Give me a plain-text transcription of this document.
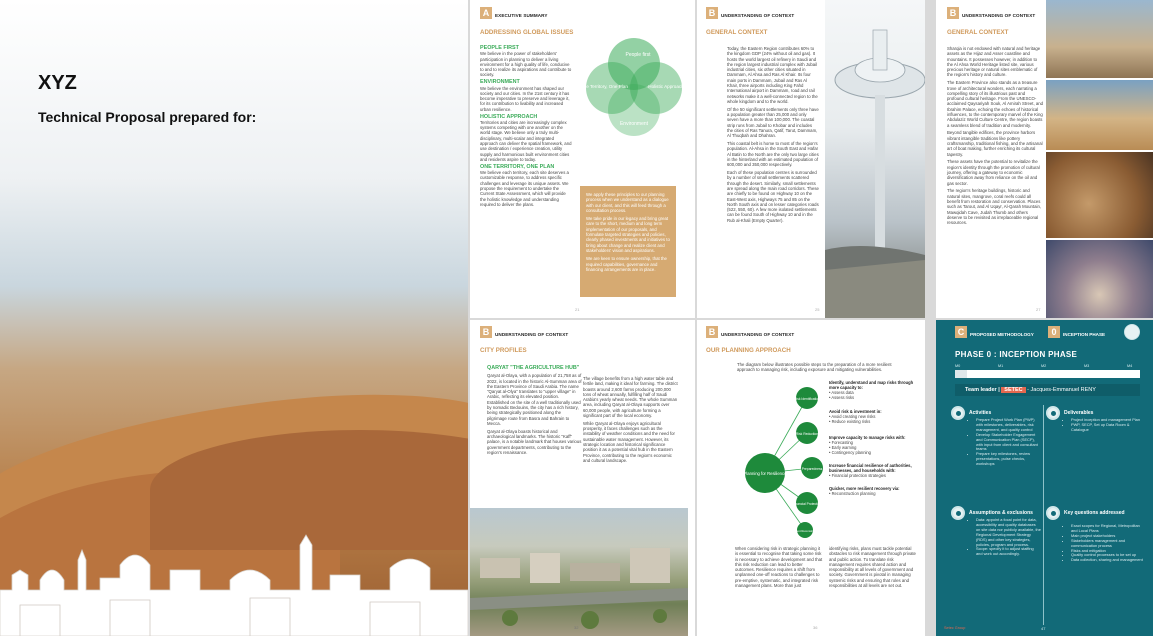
XYZ
Technical Proposal prepared for:
A	EXECUTIVE SUMMARY
ADDRESSING GLOBAL ISSUES
PEOPLE FIRST

We believe in the power of stakeholders' participation in planning to deliver a living environment for a high quality of life, conducive to and to realize its aspirations and contribute to society.

ENVIRONMENT

We believe the environment has shaped our society and our cities. In the 21st century it has become imperative to preserve and leverage it, for its contribution to livability and increased urban resilience.

HOLISTIC APPROACH

Territories and cities are increasingly complex systems competing with one another on the world stage. We believe only a truly multi-disciplinary, multi-scalar and integrated approach can deliver the spatial framework, and use destination / experience creation, utility supply and harmonious built environment cities and residents aspire to today.

ONE TERRITORY, ONE PLAN

We believe each territory, each site deserves a customizable response, to address specific challenges and leverage its unique assets. We propose the requirement to undertake the Current State Assessment, which will provide the holistic knowledge and understanding required to deliver the plans.

People first
One Territory, One Plan	Holistic Approach
Environment

We apply these principles to our planning process when we understand as a dialogue with our client, and this will feed through a consultation process.

We take pride in our legacy and bring great care to the short, medium and long term implementation of our proposals, and formulate targeted strategies and policies, clearly phased investments and initiatives to bring about change and realize client and stakeholders' vision and aspirations.

We are keen to ensure ownership, that the required capabilities, governance and financing arrangements are in place.

21
B	UNDERSTANDING OF CONTEXT
GENERAL CONTEXT

Today, the Eastern Region contributes 60% to the kingdom GDP (24% without oil and gas). It hosts the world largest oil refinery in Saudi and the region largest industrial complex with Jubail industrial cities, six other cities situated in Dammam, Al Ahsa and Ras Al Khair. Its four main ports in Dammam, Jubail and Ras Al Khair, three airports including King Fahd International airport in Dammam, road and rail networks make it a well-connected region to the whole kingdom and to the world.

Of the 50 significant settlements only three have a population greater than 25,000 and only seven have a more than 100,000. The coastal strip runs from Jubail to Khobar and includes the cities of Ras Tanura, Qatif, Tarut, Dammam, Al Thuqbah and Dhahran.

This coastal belt is home to most of the region's population. Al-Ahsa in the South East and Hafar Al Batin to the North are the only two large cities in the hinterland with an estimated population of 600,000 and 350,000 respectively.

Each of these population centres is surrounded by a number of small settlements scattered through the desert. Similarly, small settlements are spread along the main road corridors. These are chiefly to be found on Highway 10 on the East-West axis, Highways 75 and 85 on the North South axis and on lesser categories roads (522, 550, 60). A few more isolated settlements can be found South of Highway 10 and in the Rub al-Khali (Empty Quarter).

25
B	UNDERSTANDING OF CONTEXT
GENERAL CONTEXT

Sharqia is not endowed with natural and heritage assets as the Hijaz and Asser coastline and mountains. It possesses however, in addition to the Al Ahsa World Heritage listed site, various precious heritage or natural sites emblematic of the region's history and culture.

The Eastern Province also stands as a treasure trove of architectural wonders, each narrating a compelling story of its illustrious past and profound cultural heritage. From the UNESCO-acclaimed Qaysariyah Souk, Al Amirah Street, and Ibrahim Palace, echoing the echoes of historical influences, to the contemporary marvel of the King Abdulaziz World Culture Centre, the region boasts a seamless blend of tradition and modernity.

Beyond tangible edifices, the province harbors vibrant intangible traditions like pottery craftsmanship, traditional fishing, and the artisanal art of boat making, further enriching its cultural tapestry.

These assets have the potential to revitalize the region's identity through the promotion of cultural journey, offering a gateway to economic diversification away from reliance on the oil and gas sector.

The region's heritage buildings, historic and natural sites, mangrove, coral reefs could all benefit from restoration and conservation. Places such as Tarout, and Al Uqayr, Al-Qarah Mountain, Mawqidah Cave, Judah Thumb and others deserve to be revisited as irreplaceable regional resources.

27
B	UNDERSTANDING OF CONTEXT
CITY PROFILES
QARYAT "THE AGRICULTURE HUB"

Qaryat al-Olaya, with a population of 21,758 as of 2022, is located in the historic Al-Summan area of the Eastern Province of Saudi Arabia. The name "Qaryat al-Olya" translates to "upper village" in Arabic, reflecting its elevated position. Established on the site of a well traditionally used by nomadic Bedouins, the city has a rich history, being strategically positioned along the pilgrimage route from Basra and Bahrain to Mecca.

Qaryat al-Olaya boasts historical and archaeological landmarks. The historic "Kaff" palace, is a notable landmark that houses various government departments, contributing to the region's renaissance.

The village benefits from a high water table and fertile land, making it ideal for farming. The district boasts around 2,600 farms producing 200,000 tons of wheat annually, fulfilling half of Saudi Arabia's yearly wheat needs. The whole Summan area, including Qaryat al-Olaya supports over 60,000 people, with agriculture forming a significant part of the local economy.

While Qaryat al-Olaya enjoys agricultural prosperity, it faces challenges such as the instability of weather conditions and the need for sustainable water management. However, its strategic location and historical significance position it as a potential vital hub in the Eastern Province, contributing to the region's economic and cultural landscape.

32
B	UNDERSTANDING OF CONTEXT
OUR PLANNING APPROACH

The diagram below illustrates possible steps to the preparation of a more resilient approach to managing risk, including exposure and mitigating vulnerabilities.

Planning for Resilience
Risk Identification
Risk Reduction
Preparedness
Financial Protection
Resilient Reconstruction
Identify, understand and map risks through more capacity to:
• Assess data
• Assess risks
Avoid risk & investment in:
• Avoid creating new risks
• Reduce existing risks
Improve capacity to manage risks with:
• Forecasting
• Early warning
• Contingency planning
Increase financial resilience of authorities, businesses, and households with:
• Financial protection strategies
Quicker, more resilient recovery via:
• Reconstruction planning

When considering risk in strategic planning it is essential to recognise that taking some risk is necessary to achieve development and that this risk reduction can lead to better outcomes. Resilience requires a shift from unplanned one-off reactions to challenges to pre-emptive, systematic, and integrated risk management plans. More than just

identifying risks, plans must tackle potential obstacles to risk management through private and public action. To translate risk management requires shared action and responsibility at all levels of government and society. Government is pivotal in managing systemic risks and ensuring that roles and responsibilities at all levels are set out.

36
C	PROPOSED METHODOLOGY	0	INCEPTION PHASE
PHASE 0 : INCEPTION PHASE
M0	M1	M2	M3	M4
Team leader | SETEC - Jacques-Emmanuel RENY
Activities
• Prepare Project Work Plan (PWP) with milestones, deliverables, risk management, and quality control
• Develop Stakeholder Engagement and Communication Plan (SECP), with input from client and consultant teams
• Prepare key milestones, review presentations, pulse checks, workshops
Deliverables
• Project inception and management Plan
• PWP, SECP, Set up Data Room & Catalogue
Assumptions & exclusions
• Data: appoint a focal point for data, accessibility and quality databases on site data nor publicly available, the Regional Development Strategy (RDS) and other key strategies, policies, program and process.
• Scope: specify it to adjust staffing and work out accordingly.
Key questions addressed
• Exact scopes for Regional, Metropolitan and Local Plans
• Main project stakeholders
• Stakeholders management and communication process
• Risks and mitigation
• Quality control processes to be set up
• Data collection, sharing and management
Setec Group	47
